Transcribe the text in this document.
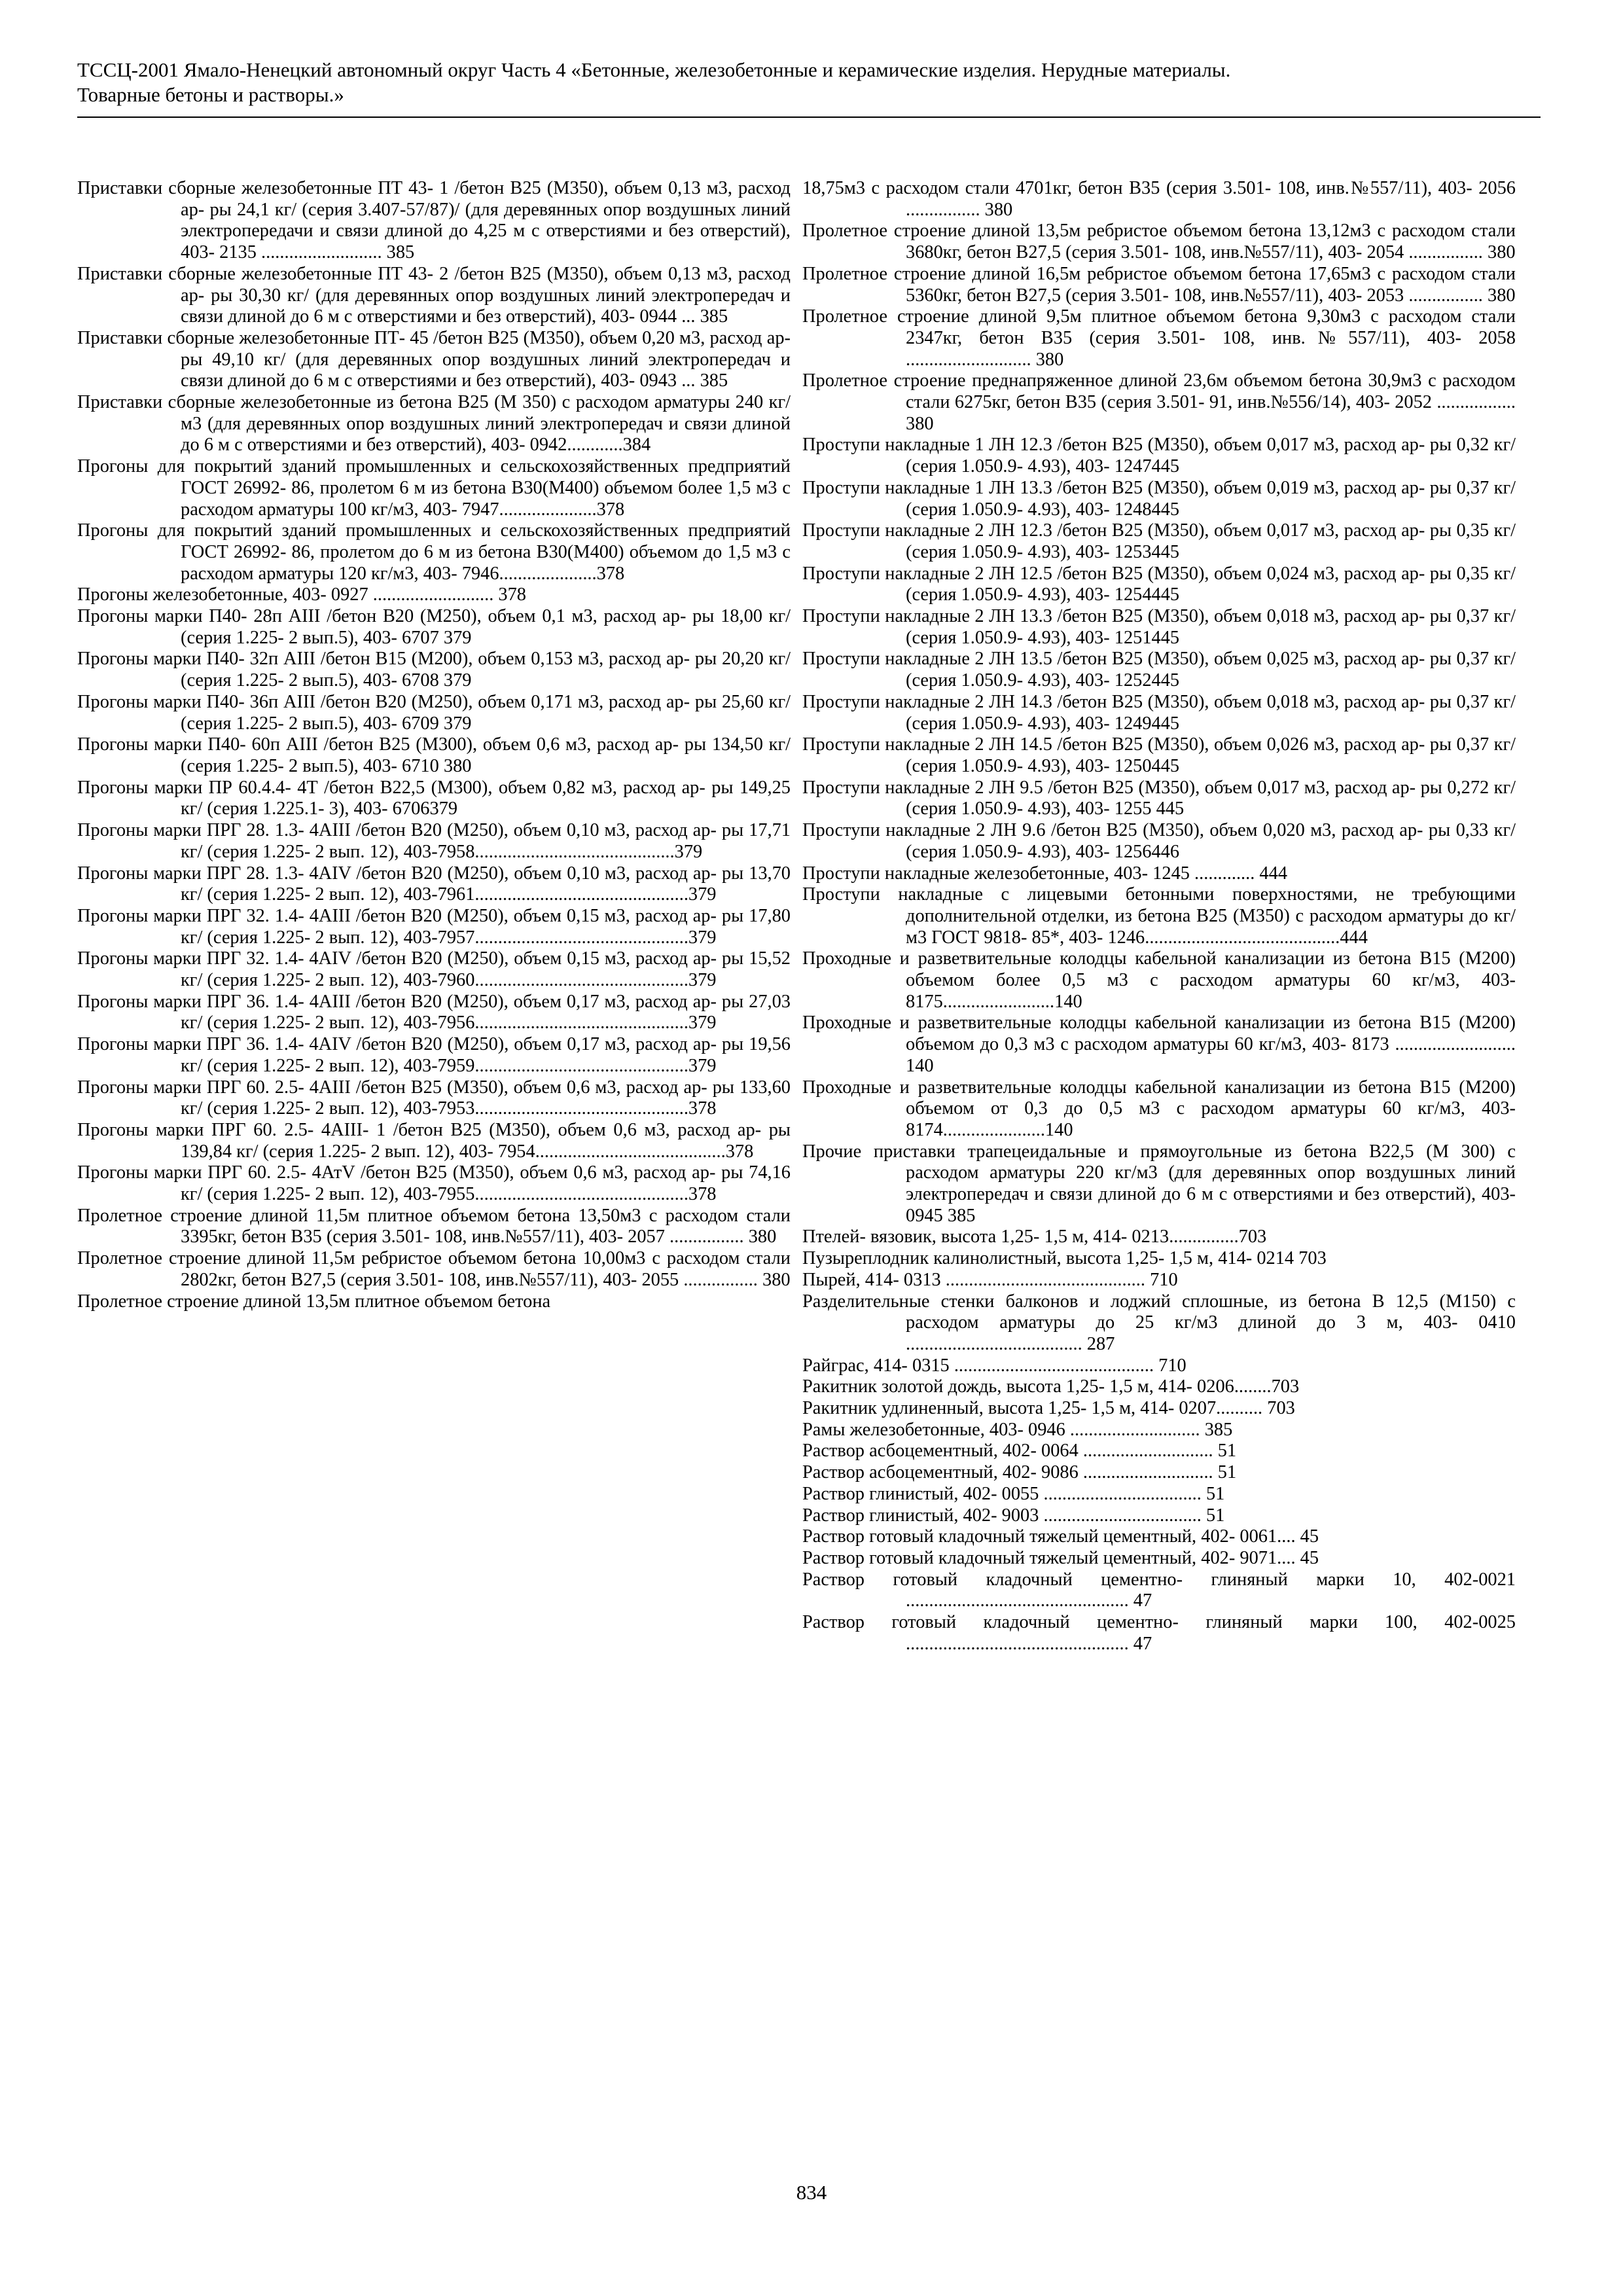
ТССЦ-2001 Ямало-Ненецкий автономный округ Часть 4 «Бетонные, железобетонные и керамические изделия. Нерудные материалы.
Товарные бетоны и растворы.»

Приставки сборные железобетонные ПТ 43- 1 /бетон В25 (М350), объем 0,13 м3, расход ар- ры 24,1 кг/ (серия 3.407-57/87)/ (для деревянных опор воздушных линий электропередачи и связи длиной до 4,25 м с отверстиями и без отверстий), 403- 2135 .......................... 385

Приставки сборные железобетонные ПТ 43- 2 /бетон В25 (М350), объем 0,13 м3, расход ар- ры 30,30 кг/ (для деревянных опор воздушных линий электропередач и связи длиной до 6 м с отверстиями и без отверстий), 403- 0944 ... 385

Приставки сборные железобетонные ПТ- 45 /бетон В25 (М350), объем 0,20 м3, расход ар- ры 49,10 кг/ (для деревянных опор воздушных линий электропередач и связи длиной до 6 м с отверстиями и без отверстий), 403- 0943 ... 385

Приставки сборные железобетонные из бетона В25 (М 350) с расходом арматуры 240 кг/м3 (для деревянных опор воздушных линий электропередач и связи длиной до 6 м с отверстиями и без отверстий), 403- 0942............384

Прогоны для покрытий зданий промышленных и сельскохозяйственных предприятий ГОСТ 26992- 86, пролетом 6 м из бетона В30(М400) объемом более 1,5 м3 с расходом арматуры 100 кг/м3, 403- 7947.....................378

Прогоны для покрытий зданий промышленных и сельскохозяйственных предприятий ГОСТ 26992- 86, пролетом до 6 м из бетона В30(М400) объемом до 1,5 м3 с расходом арматуры 120 кг/м3, 403- 7946.....................378

Прогоны железобетонные, 403- 0927 .......................... 378

Прогоны марки П40- 28п АIII /бетон В20 (М250), объем 0,1 м3, расход ар- ры 18,00 кг/ (серия 1.225- 2 вып.5), 403- 6707 379

Прогоны марки П40- 32п АIII /бетон В15 (М200), объем 0,153 м3, расход ар- ры 20,20 кг/ (серия 1.225- 2 вып.5), 403- 6708 379

Прогоны марки П40- 36п АIII /бетон В20 (М250), объем 0,171 м3, расход ар- ры 25,60 кг/ (серия 1.225- 2 вып.5), 403- 6709 379

Прогоны марки П40- 60п АIII /бетон В25 (М300), объем 0,6 м3, расход ар- ры 134,50 кг/ (серия 1.225- 2 вып.5), 403- 6710 380

Прогоны марки ПР 60.4.4- 4Т /бетон В22,5 (М300), объем 0,82 м3, расход ар- ры 149,25 кг/ (серия 1.225.1- 3), 403- 6706379

Прогоны марки ПРГ 28. 1.3- 4АIII /бетон В20 (М250), объем 0,10 м3, расход ар- ры 17,71 кг/ (серия 1.225- 2 вып. 12), 403-7958...........................................379

Прогоны марки ПРГ 28. 1.3- 4АIV /бетон В20 (М250), объем 0,10 м3, расход ар- ры 13,70 кг/ (серия 1.225- 2 вып. 12), 403-7961..............................................379

Прогоны марки ПРГ 32. 1.4- 4АIII /бетон В20 (М250), объем 0,15 м3, расход ар- ры 17,80 кг/ (серия 1.225- 2 вып. 12), 403-7957..............................................379

Прогоны марки ПРГ 32. 1.4- 4АIV /бетон В20 (М250), объем 0,15 м3, расход ар- ры 15,52 кг/ (серия 1.225- 2 вып. 12), 403-7960..............................................379

Прогоны марки ПРГ 36. 1.4- 4АIII /бетон В20 (М250), объем 0,17 м3, расход ар- ры 27,03 кг/ (серия 1.225- 2 вып. 12), 403-7956..............................................379

Прогоны марки ПРГ 36. 1.4- 4АIV /бетон В20 (М250), объем 0,17 м3, расход ар- ры 19,56 кг/ (серия 1.225- 2 вып. 12), 403-7959..............................................379

Прогоны марки ПРГ 60. 2.5- 4АIII /бетон В25 (М350), объем 0,6 м3, расход ар- ры 133,60 кг/ (серия 1.225- 2 вып. 12), 403-7953..............................................378

Прогоны марки ПРГ 60. 2.5- 4АIII- 1 /бетон В25 (М350), объем 0,6 м3, расход ар- ры 139,84 кг/ (серия 1.225- 2 вып. 12), 403- 7954.........................................378

Прогоны марки ПРГ 60. 2.5- 4АтV /бетон В25 (М350), объем 0,6 м3, расход ар- ры 74,16 кг/ (серия 1.225- 2 вып. 12), 403-7955..............................................378

Пролетное строение длиной 11,5м плитное объемом бетона 13,50м3 с расходом стали 3395кг, бетон В35 (серия 3.501- 108, инв.№557/11), 403- 2057 ................ 380

Пролетное строение длиной 11,5м ребристое объемом бетона 10,00м3 с расходом стали 2802кг, бетон В27,5 (серия 3.501- 108, инв.№557/11), 403- 2055 ................ 380

Пролетное строение длиной 13,5м плитное объемом бетона

18,75м3 с расходом стали 4701кг, бетон В35 (серия 3.501- 108, инв.№557/11), 403- 2056 ................ 380

Пролетное строение длиной 13,5м ребристое объемом бетона 13,12м3 с расходом стали 3680кг, бетон В27,5 (серия 3.501- 108, инв.№557/11), 403- 2054 ................ 380

Пролетное строение длиной 16,5м ребристое объемом бетона 17,65м3 с расходом стали 5360кг, бетон В27,5 (серия 3.501- 108, инв.№557/11), 403- 2053 ................ 380

Пролетное строение длиной 9,5м плитное объемом бетона 9,30м3 с расходом стали 2347кг, бетон В35 (серия 3.501- 108, инв.№557/11), 403- 2058 ........................... 380

Пролетное строение преднапряженное длиной 23,6м объемом бетона 30,9м3 с расходом стали 6275кг, бетон В35 (серия 3.501- 91, инв.№556/14), 403- 2052 ................. 380

Проступи накладные 1 ЛН 12.3 /бетон В25 (М350), объем 0,017 м3, расход ар- ры 0,32 кг/ (серия 1.050.9- 4.93), 403- 1247445

Проступи накладные 1 ЛН 13.3 /бетон В25 (М350), объем 0,019 м3, расход ар- ры 0,37 кг/ (серия 1.050.9- 4.93), 403- 1248445

Проступи накладные 2 ЛН 12.3 /бетон В25 (М350), объем 0,017 м3, расход ар- ры 0,35 кг/ (серия 1.050.9- 4.93), 403- 1253445

Проступи накладные 2 ЛН 12.5 /бетон В25 (М350), объем 0,024 м3, расход ар- ры 0,35 кг/ (серия 1.050.9- 4.93), 403- 1254445

Проступи накладные 2 ЛН 13.3 /бетон В25 (М350), объем 0,018 м3, расход ар- ры 0,37 кг/ (серия 1.050.9- 4.93), 403- 1251445

Проступи накладные 2 ЛН 13.5 /бетон В25 (М350), объем 0,025 м3, расход ар- ры 0,37 кг/ (серия 1.050.9- 4.93), 403- 1252445

Проступи накладные 2 ЛН 14.3 /бетон В25 (М350), объем 0,018 м3, расход ар- ры 0,37 кг/ (серия 1.050.9- 4.93), 403- 1249445

Проступи накладные 2 ЛН 14.5 /бетон В25 (М350), объем 0,026 м3, расход ар- ры 0,37 кг/ (серия 1.050.9- 4.93), 403- 1250445

Проступи накладные 2 ЛН 9.5 /бетон В25 (М350), объем 0,017 м3, расход ар- ры 0,272 кг/ (серия 1.050.9- 4.93), 403- 1255 445

Проступи накладные 2 ЛН 9.6 /бетон В25 (М350), объем 0,020 м3, расход ар- ры 0,33 кг/ (серия 1.050.9- 4.93), 403- 1256446

Проступи накладные железобетонные, 403- 1245 ............. 444

Проступи накладные с лицевыми бетонными поверхностями, не требующими дополнительной отделки, из бетона В25 (М350) с расходом арматуры до кг/м3 ГОСТ 9818- 85*, 403- 1246..........................................444

Проходные и разветвительные колодцы кабельной канализации из бетона В15 (М200) объемом более 0,5 м3 с расходом арматуры 60 кг/м3, 403- 8175........................140

Проходные и разветвительные колодцы кабельной канализации из бетона В15 (М200) объемом до 0,3 м3 с расходом арматуры 60 кг/м3, 403- 8173 .......................... 140

Проходные и разветвительные колодцы кабельной канализации из бетона В15 (М200) объемом от 0,3 до 0,5 м3 с расходом арматуры 60 кг/м3, 403- 8174......................140

Прочие приставки трапецеидальные и прямоугольные из бетона В22,5 (М 300) с расходом арматуры 220 кг/м3 (для деревянных опор воздушных линий электропередач и связи длиной до 6 м с отверстиями и без отверстий), 403- 0945 385

Птелей- вязовик, высота 1,25- 1,5 м, 414- 0213...............703

Пузыреплодник калинолистный, высота 1,25- 1,5 м, 414- 0214 703

Пырей, 414- 0313 ........................................... 710

Разделительные стенки балконов и лоджий сплошные, из бетона В 12,5 (М150) с расходом арматуры до 25 кг/м3 длиной до 3 м, 403- 0410 ...................................... 287

Райграс, 414- 0315 ........................................... 710

Ракитник золотой дождь, высота 1,25- 1,5 м, 414- 0206........703

Ракитник удлиненный, высота 1,25- 1,5 м, 414- 0207.......... 703

Рамы железобетонные, 403- 0946 ............................ 385

Раствор асбоцементный, 402- 0064 ............................ 51

Раствор асбоцементный, 402- 9086 ............................ 51

Раствор глинистый, 402- 0055 .................................. 51

Раствор глинистый, 402- 9003 .................................. 51

Раствор готовый кладочный тяжелый цементный, 402- 0061.... 45

Раствор готовый кладочный тяжелый цементный, 402- 9071.... 45

Раствор готовый кладочный цементно- глиняный марки 10, 402-0021 ................................................ 47

Раствор готовый кладочный цементно- глиняный марки 100, 402-0025 ................................................ 47

834
